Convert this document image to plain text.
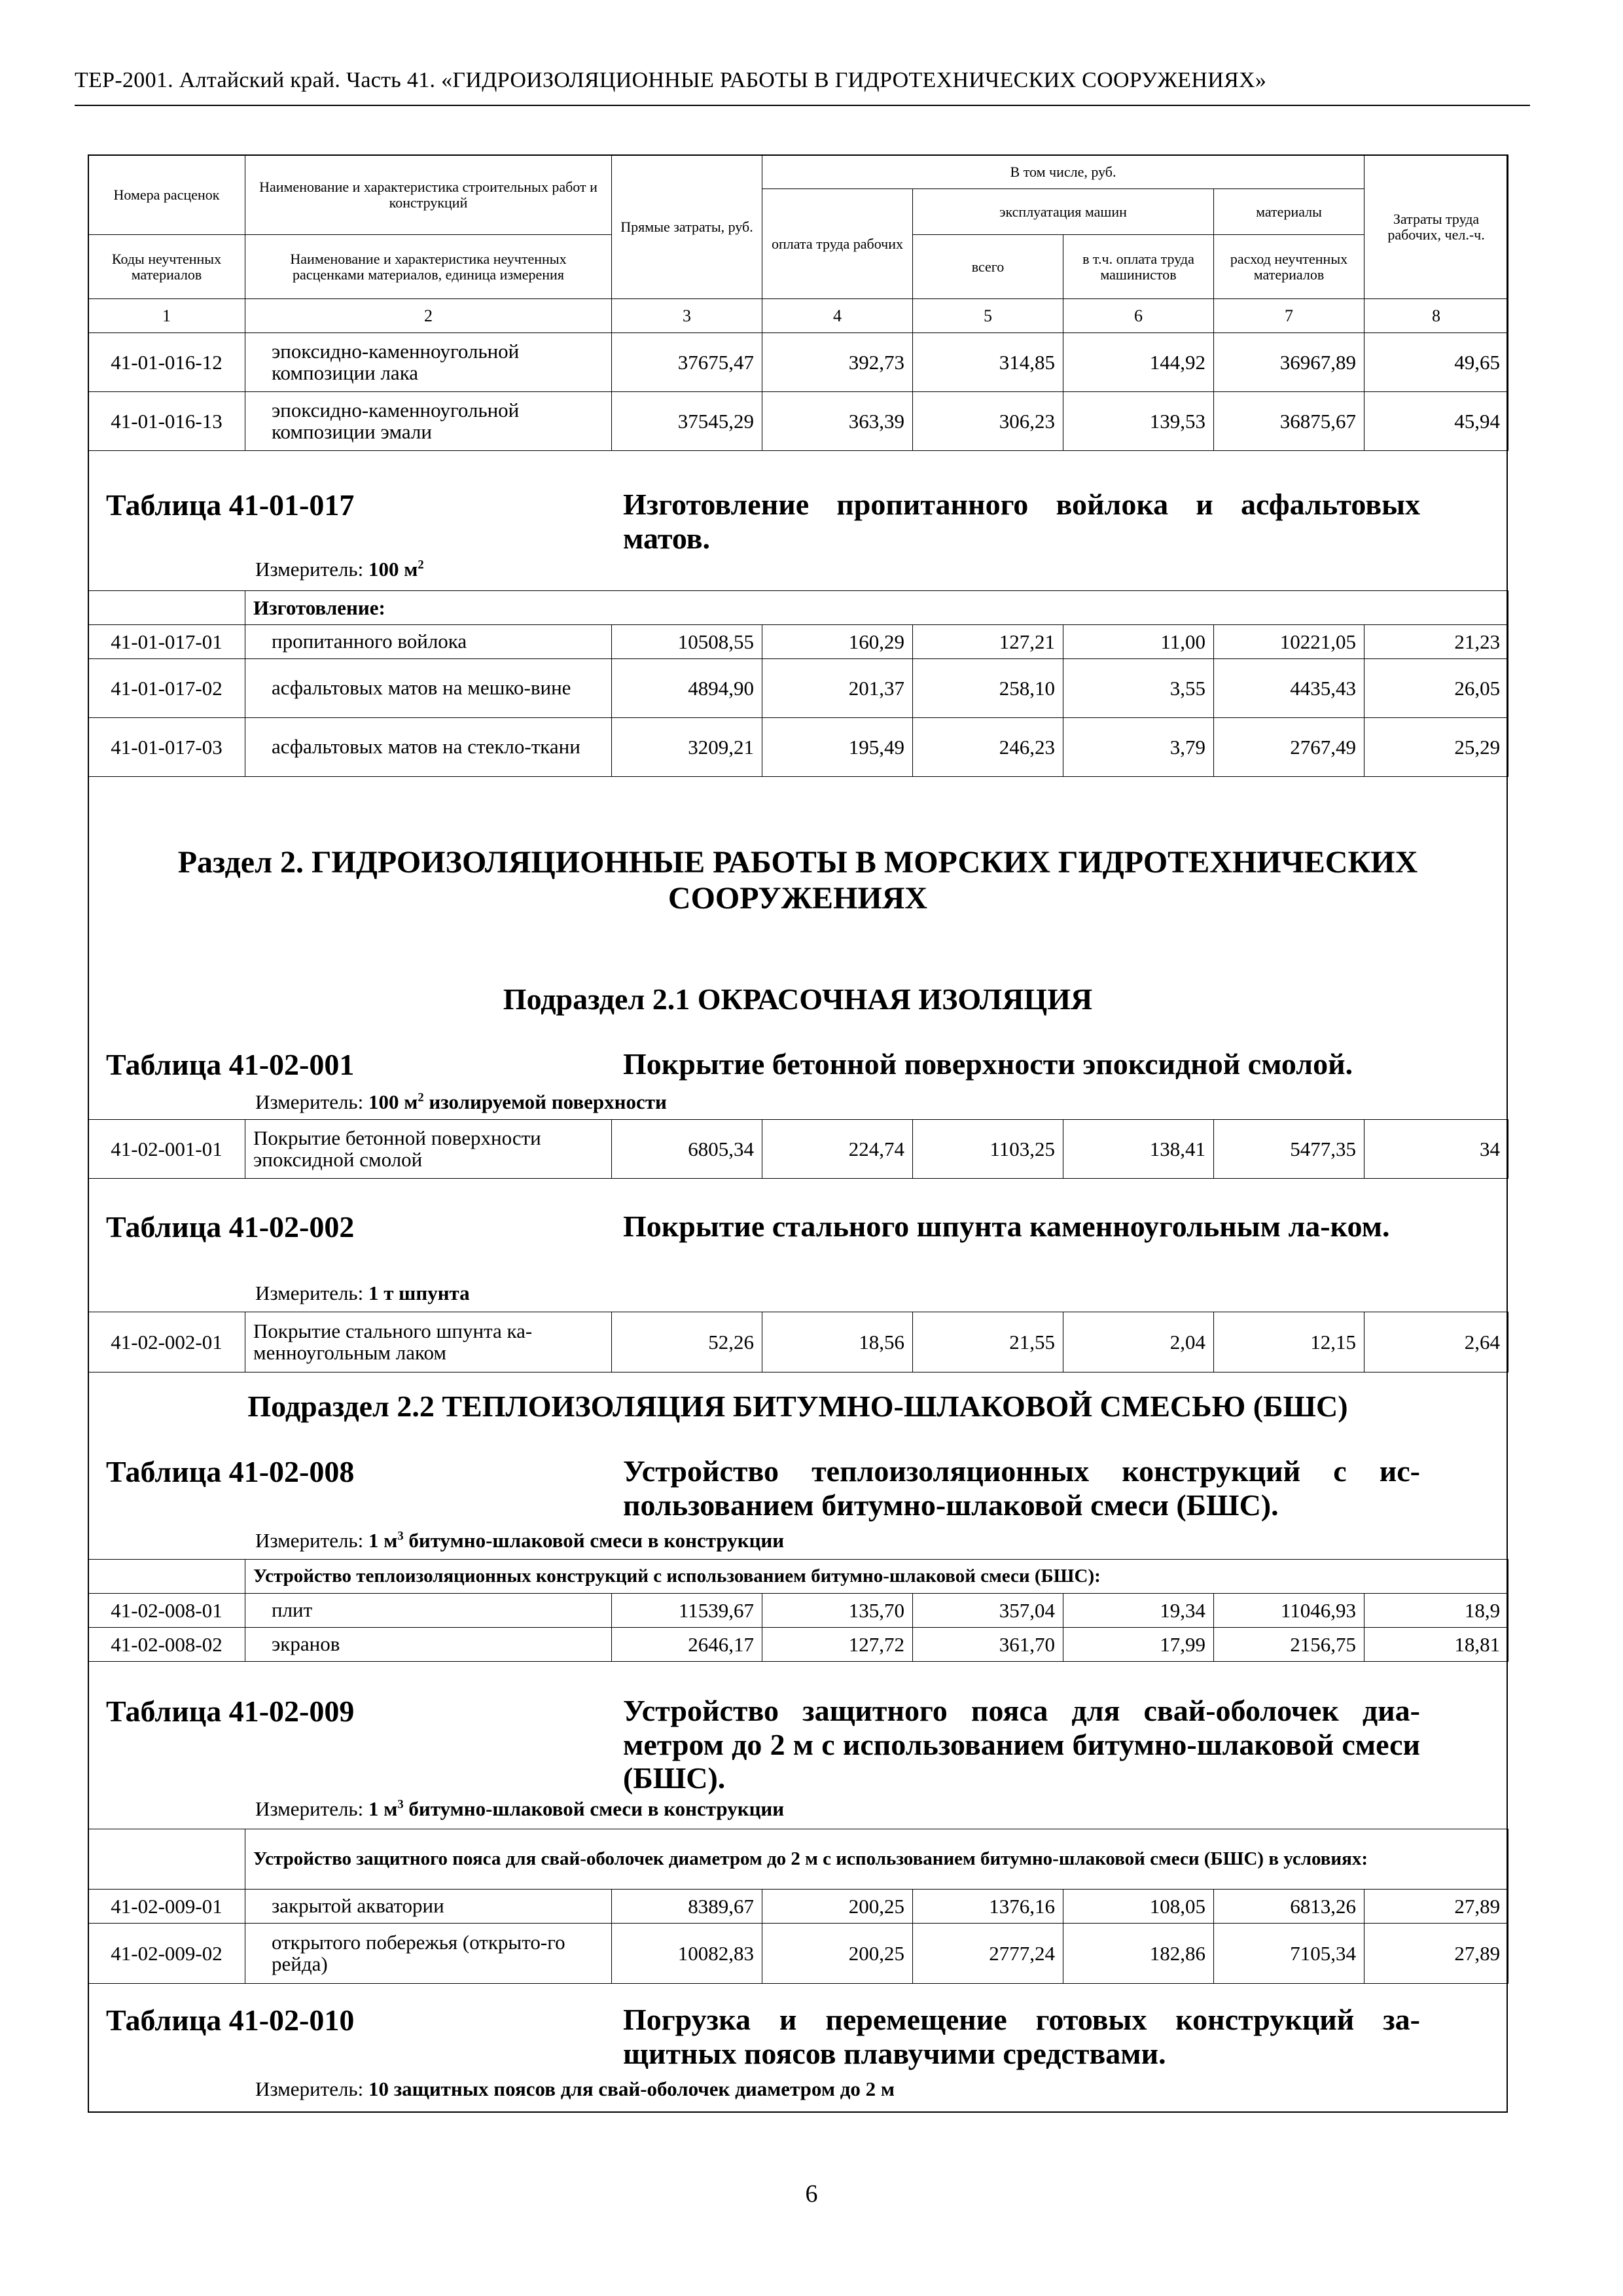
ТЕР-2001. Алтайский край. Часть 41. «ГИДРОИЗОЛЯЦИОННЫЕ РАБОТЫ В ГИДРОТЕХНИЧЕСКИХ СООРУЖЕНИЯХ»
Номера расценок	Наименование и характеристика строительных работ и конструкций	Прямые затраты, руб.	В том числе, руб.				Затраты труда рабочих, чел.-ч.
			оплата труда рабочих	эксплуатация машин		материалы	
Коды неучтенных материалов	Наименование и характеристика неучтенных расценками материалов, единица измерения			всего	в т.ч. оплата труда машинистов	расход неучтенных материалов	
1	2	3	4	5	6	7	8
41-01-016-12	эпоксидно-каменноугольной композиции лака	37675,47	392,73	314,85	144,92	36967,89	49,65
41-01-016-13	эпоксидно-каменноугольной композиции эмали	37545,29	363,39	306,23	139,53	36875,67	45,94
Таблица 41-01-017	Изготовление пропитанного войлока и асфальтовых матов.
Измеритель: 100 $м^2$
	Изготовление:						
41-01-017-01	пропитанного войлока	10508,55	160,29	127,21	11,00	10221,05	21,23
41-01-017-02	асфальтовых матов на мешко-вине	4894,90	201,37	258,10	3,55	4435,43	26,05
41-01-017-03	асфальтовых матов на стекло-ткани	3209,21	195,49	246,23	3,79	2767,49	25,29
Раздел 2. ГИДРОИЗОЛЯЦИОННЫЕ РАБОТЫ В МОРСКИХ ГИДРОТЕХНИЧЕСКИХ СООРУЖЕНИЯХ
Подраздел 2.1 ОКРАСОЧНАЯ ИЗОЛЯЦИЯ
Таблица 41-02-001	Покрытие бетонной поверхности эпоксидной смолой.
Измеритель: 100 $м^2$ изолируемой поверхности
41-02-001-01	Покрытие бетонной поверхности эпоксидной смолой	6805,34	224,74	1103,25	138,41	5477,35	34
Таблица 41-02-002	Покрытие стального шпунта каменноугольным ла-ком.
Измеритель: 1 т шпунта
41-02-002-01	Покрытие стального шпунта ка-менноугольным лаком	52,26	18,56	21,55	2,04	12,15	2,64
Подраздел 2.2 ТЕПЛОИЗОЛЯЦИЯ БИТУМНО-ШЛАКОВОЙ СМЕСЬЮ (БШС)
Таблица 41-02-008	Устройство теплоизоляционных конструкций с ис-пользованием битумно-шлаковой смеси (БШС).
Измеритель: 1 $м^3$ битумно-шлаковой смеси в конструкции
	Устройство теплоизоляционных конструкций с использованием битумно-шлаковой смеси (БШС):						
41-02-008-01	плит	11539,67	135,70	357,04	19,34	11046,93	18,9
41-02-008-02	экранов	2646,17	127,72	361,70	17,99	2156,75	18,81
Таблица 41-02-009	Устройство защитного пояса для свай-оболочек диа-метром до 2 м с использованием битумно-шлаковой смеси (БШС).
Измеритель: 1 $м^3$ битумно-шлаковой смеси в конструкции
	Устройство защитного пояса для свай-оболочек диаметром до 2 м с использованием битумно-шлаковой смеси (БШС) в условиях:						
41-02-009-01	закрытой акватории	8389,67	200,25	1376,16	108,05	6813,26	27,89
41-02-009-02	открытого побережья (открыто-го рейда)	10082,83	200,25	2777,24	182,86	7105,34	27,89
Таблица 41-02-010	Погрузка и перемещение готовых конструкций за-щитных поясов плавучими средствами.
Измеритель: 10 защитных поясов для свай-оболочек диаметром до 2 м
6
